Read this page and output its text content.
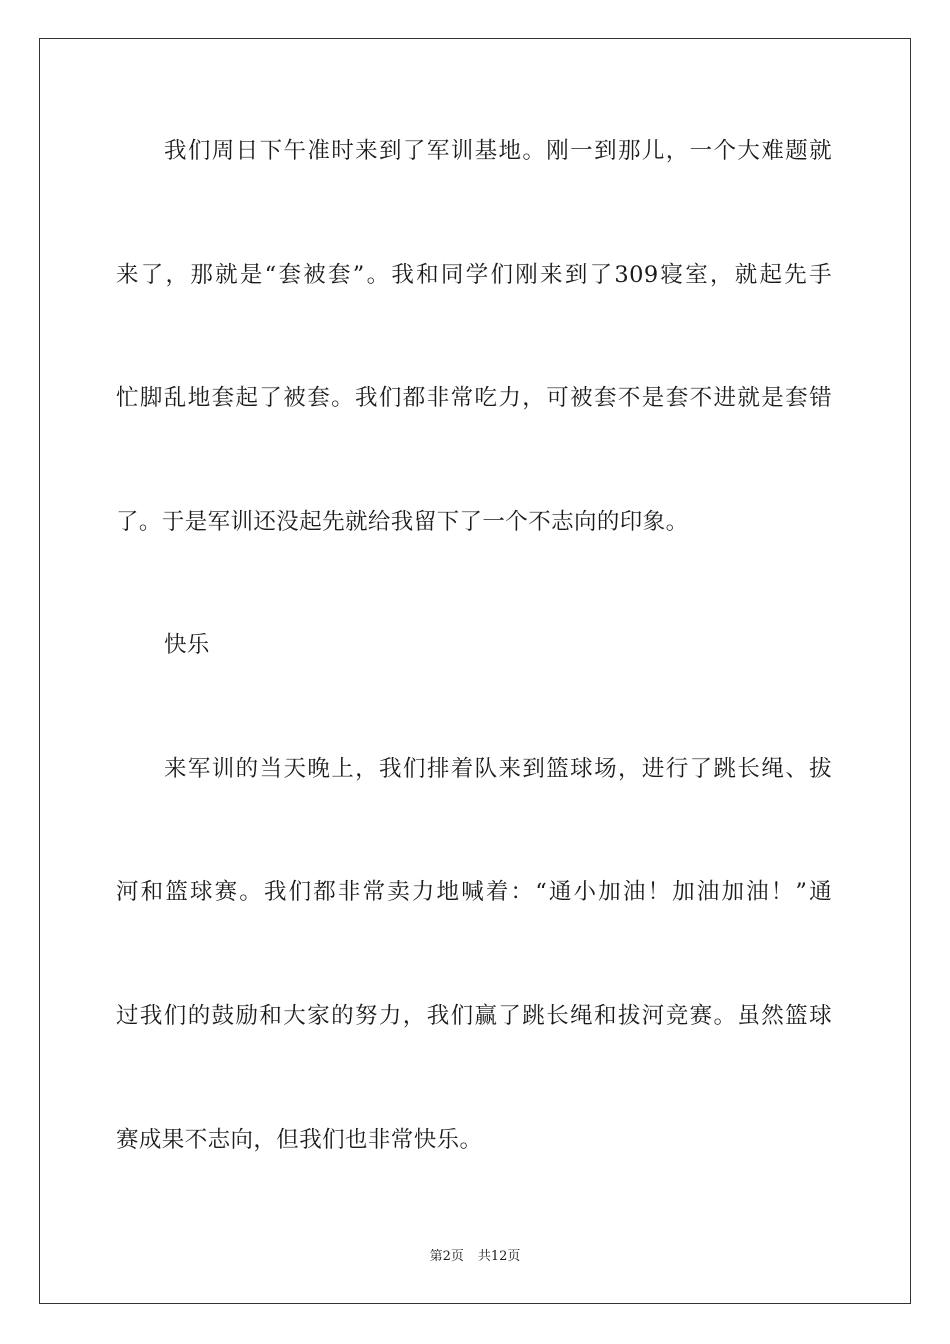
我们周日下午准时来到了军训基地。刚一到那儿，一个大难题就
来了，那就是“套被套”。我和同学们刚来到了309寝室，就起先手
忙脚乱地套起了被套。我们都非常吃力，可被套不是套不进就是套错
了。于是军训还没起先就给我留下了一个不志向的印象。
快乐
来军训的当天晚上，我们排着队来到篮球场，进行了跳长绳、拔
河和篮球赛。我们都非常卖力地喊着：“通小加油！加油加油！”通
过我们的鼓励和大家的努力，我们赢了跳长绳和拔河竞赛。虽然篮球
赛成果不志向，但我们也非常快乐。
第2页 共12页
